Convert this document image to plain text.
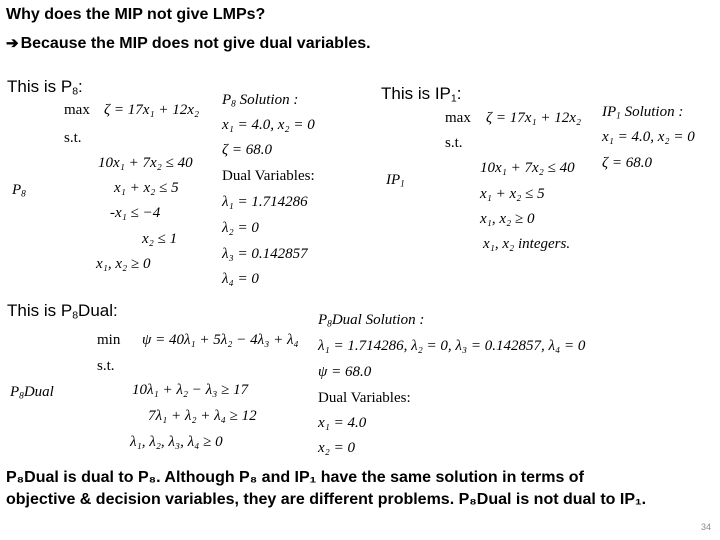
Why does the MIP not give LMPs?
➔ Because the MIP does not give dual variables.
This is $P_8$:
$P_8$
max ζ = 17x₁ + 12x₂
s.t.
10x₁ + 7x₂ ≤ 40
x₁ + x₂ ≤ 5
-x₁ ≤ −4
x₂ ≤ 1
x₁, x₂ ≥ 0
$P_8$ Solution :
x₁ = 4.0, x₂ = 0
ζ = 68.0
Dual Variables:
λ₁ = 1.714286
λ₂ = 0
λ₃ = 0.142857
λ₄ = 0
This is $IP_1$:
$IP_1$
max ζ = 17x₁ + 12x₂
s.t.
10x₁ + 7x₂ ≤ 40
x₁ + x₂ ≤ 5
x₁, x₂ ≥ 0
x₁, x₂ integers.
$IP_1$ Solution :
x₁ = 4.0, x₂ = 0
ζ = 68.0
This is $P_8Dual$:
$P_8Dual$
min ψ = 40λ₁ + 5λ₂ − 4λ₃ + λ₄
s.t.
10λ₁ + λ₂ − λ₃ ≥ 17
7λ₁ + λ₂ + λ₄ ≥ 12
λ₁, λ₂, λ₃, λ₄ ≥ 0
$P_8Dual$ Solution :
λ₁ = 1.714286, λ₂ = 0, λ₃ = 0.142857, λ₄ = 0
ψ = 68.0
Dual Variables:
x₁ = 4.0
x₂ = 0
P₈Dual is dual to P₈. Although P₈ and IP₁ have the same solution in terms of
objective & decision variables, they are different problems. P₈Dual is not dual to IP₁.
34
